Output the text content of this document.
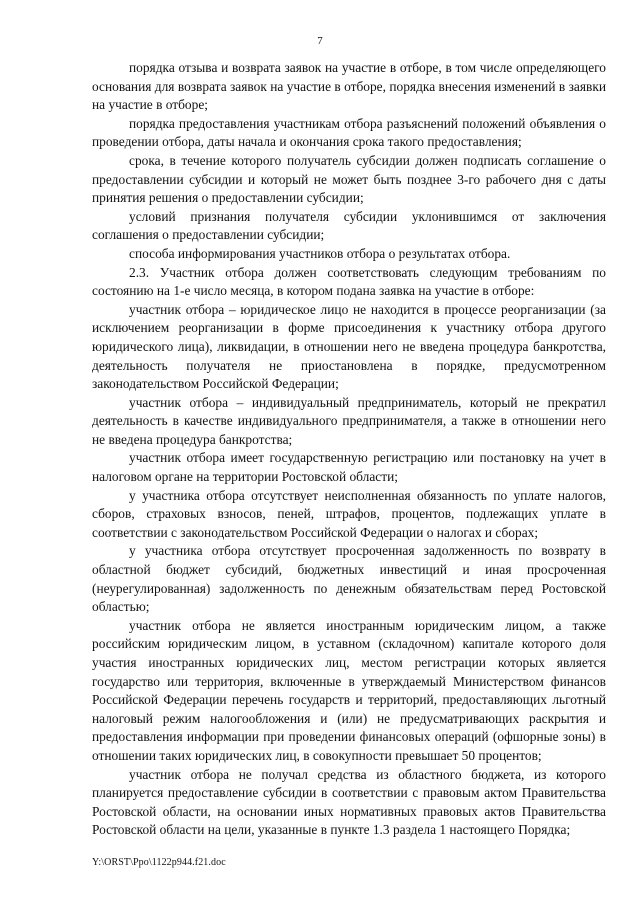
7

порядка отзыва и возврата заявок на участие в отборе, в том числе определяющего основания для возврата заявок на участие в отборе, порядка внесения изменений в заявки на участие в отборе;

порядка предоставления участникам отбора разъяснений положений объявления о проведении отбора, даты начала и окончания срока такого предоставления;

срока, в течение которого получатель субсидии должен подписать соглашение о предоставлении субсидии и который не может быть позднее 3-го рабочего дня с даты принятия решения о предоставлении субсидии;

условий признания получателя субсидии уклонившимся от заключения соглашения о предоставлении субсидии;

способа информирования участников отбора о результатах отбора.

2.3. Участник отбора должен соответствовать следующим требованиям по состоянию на 1-е число месяца, в котором подана заявка на участие в отборе:

участник отбора – юридическое лицо не находится в процессе реорганизации (за исключением реорганизации в форме присоединения к участнику отбора другого юридического лица), ликвидации, в отношении него не введена процедура банкротства, деятельность получателя не приостановлена в порядке, предусмотренном законодательством Российской Федерации;

участник отбора – индивидуальный предприниматель, который не прекратил деятельность в качестве индивидуального предпринимателя, а также в отношении него не введена процедура банкротства;

участник отбора имеет государственную регистрацию или постановку на учет в налоговом органе на территории Ростовской области;

у участника отбора отсутствует неисполненная обязанность по уплате налогов, сборов, страховых взносов, пеней, штрафов, процентов, подлежащих уплате в соответствии с законодательством Российской Федерации о налогах и сборах;

у участника отбора отсутствует просроченная задолженность по возврату в областной бюджет субсидий, бюджетных инвестиций и иная просроченная (неурегулированная) задолженность по денежным обязательствам перед Ростовской областью;

участник отбора не является иностранным юридическим лицом, а также российским юридическим лицом, в уставном (складочном) капитале которого доля участия иностранных юридических лиц, местом регистрации которых является государство или территория, включенные в утверждаемый Министерством финансов Российской Федерации перечень государств и территорий, предоставляющих льготный налоговый режим налогообложения и (или) не предусматривающих раскрытия и предоставления информации при проведении финансовых операций (офшорные зоны) в отношении таких юридических лиц, в совокупности превышает 50 процентов;

участник отбора не получал средства из областного бюджета, из которого планируется предоставление субсидии в соответствии с правовым актом Правительства Ростовской области, на основании иных нормативных правовых актов Правительства Ростовской области на цели, указанные в пункте 1.3 раздела 1 настоящего Порядка;

Y:\ORST\Ppo\1122p944.f21.doc
